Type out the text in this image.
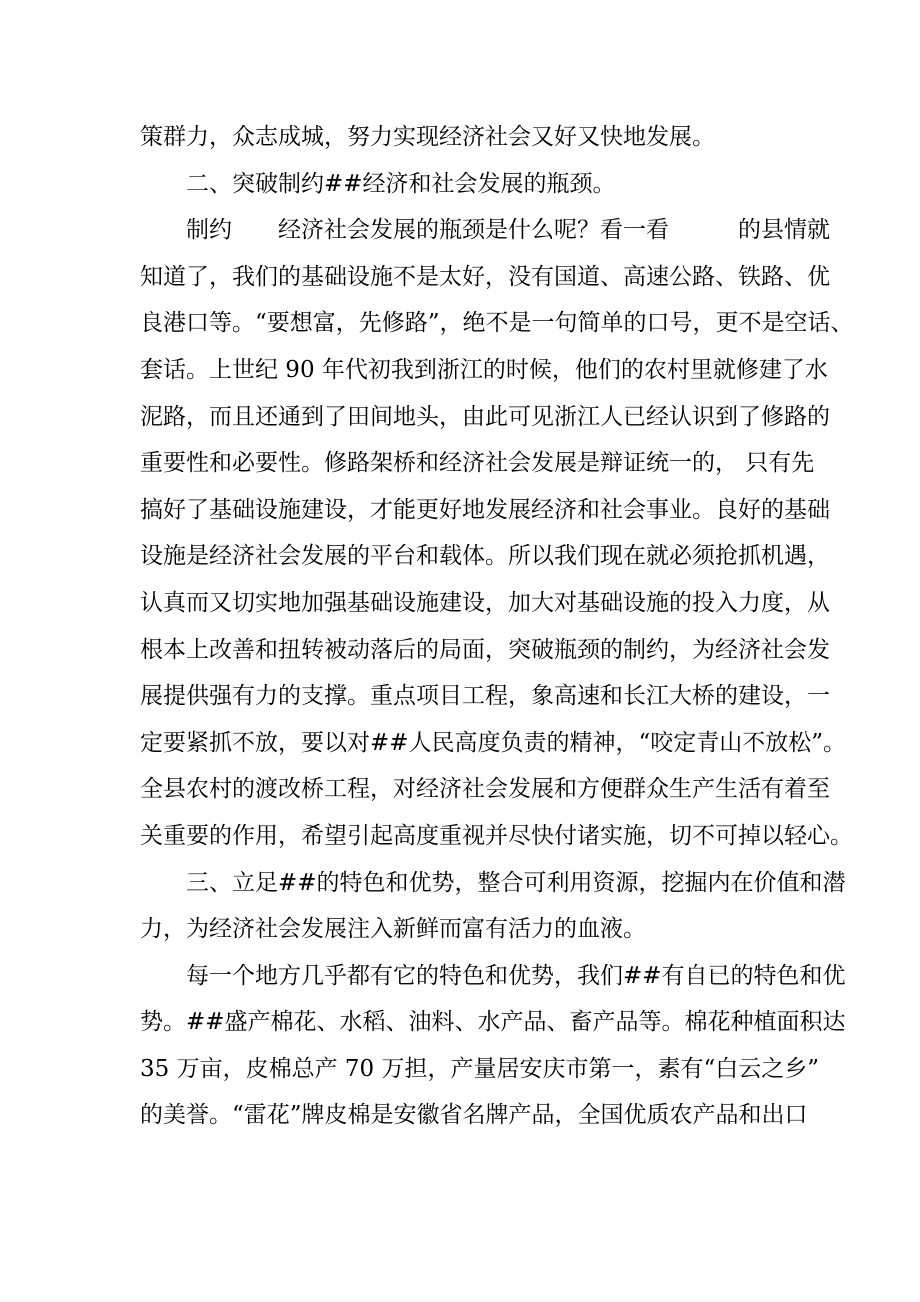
策群力，众志成城，努力实现经济社会又好又快地发展。
二、突破制约##经济和社会发展的瓶颈。
制约　　经济社会发展的瓶颈是什么呢？看一看　　　的县情就
知道了，我们的基础设施不是太好，没有国道、高速公路、铁路、优
良港口等。“要想富，先修路”，绝不是一句简单的口号，更不是空话、
套话。上世纪 90 年代初我到浙江的时候，他们的农村里就修建了水
泥路，而且还通到了田间地头，由此可见浙江人已经认识到了修路的
重要性和必要性。修路架桥和经济社会发展是辩证统一的， 只有先
搞好了基础设施建设，才能更好地发展经济和社会事业。良好的基础
设施是经济社会发展的平台和载体。所以我们现在就必须抢抓机遇，
认真而又切实地加强基础设施建设，加大对基础设施的投入力度，从
根本上改善和扭转被动落后的局面，突破瓶颈的制约，为经济社会发
展提供强有力的支撑。重点项目工程，象高速和长江大桥的建设，一
定要紧抓不放，要以对##人民高度负责的精神，“咬定青山不放松”。
全县农村的渡改桥工程，对经济社会发展和方便群众生产生活有着至
关重要的作用，希望引起高度重视并尽快付诸实施，切不可掉以轻心。
三、立足##的特色和优势，整合可利用资源，挖掘内在价值和潜
力，为经济社会发展注入新鲜而富有活力的血液。
每一个地方几乎都有它的特色和优势，我们##有自已的特色和优
势。##盛产棉花、水稻、油料、水产品、畜产品等。棉花种植面积达
35 万亩，皮棉总产 70 万担，产量居安庆市第一，素有“白云之乡”
的美誉。“雷花”牌皮棉是安徽省名牌产品，全国优质农产品和出口
